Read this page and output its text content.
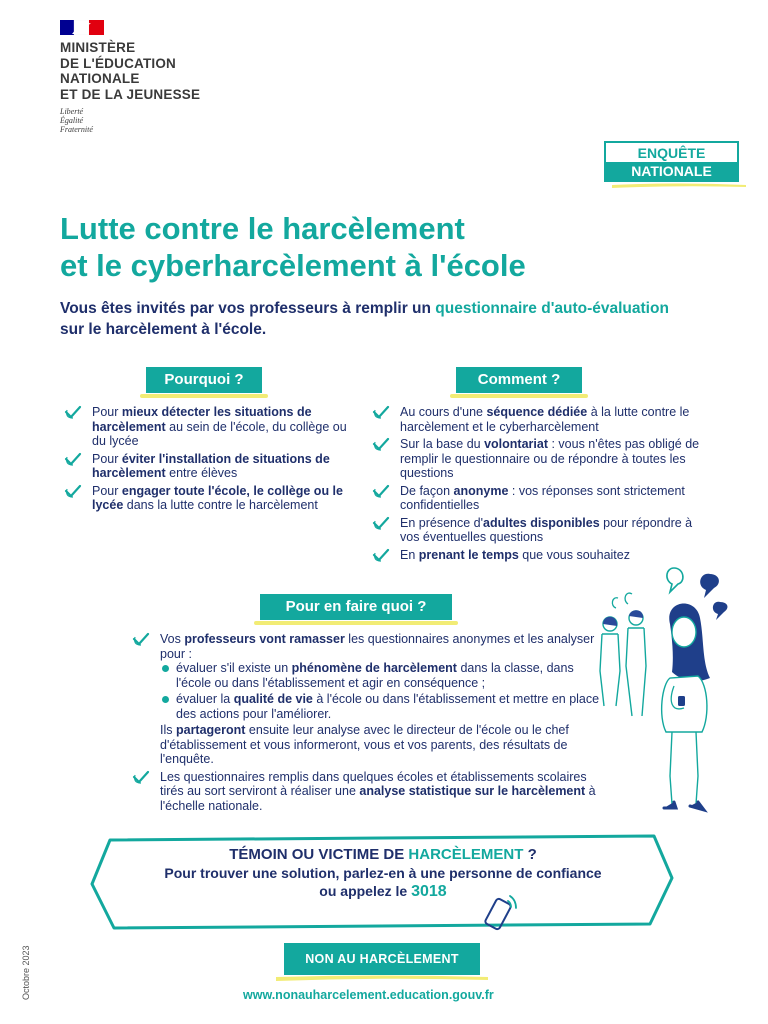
MINISTÈRE
DE L'ÉDUCATION
NATIONALE
ET DE LA JEUNESSE
Liberté
Égalité
Fraternité
ENQUÊTE
NATIONALE
Lutte contre le harcèlement
et le cyberharcèlement à l'école

Vous êtes invités par vos professeurs à remplir un questionnaire d'auto-évaluation
sur le harcèlement à l'école.

Pourquoi ?
Pour mieux détecter les situations de harcèlement au sein de l'école, du collège ou du lycée
Pour éviter l'installation de situations de harcèlement entre élèves
Pour engager toute l'école, le collège ou le lycée dans la lutte contre le harcèlement
Comment ?
Au cours d'une séquence dédiée à la lutte contre le harcèlement et le cyberharcèlement
Sur la base du volontariat : vous n'êtes pas obligé de remplir le questionnaire ou de répondre à toutes les questions
De façon anonyme : vos réponses sont strictement confidentielles
En présence d'adultes disponibles pour répondre à vos éventuelles questions
En prenant le temps que vous souhaitez
Pour en faire quoi ?
Vos professeurs vont ramasser les questionnaires anonymes et les analyser pour :
évaluer s'il existe un phénomène de harcèlement dans la classe, dans l'école ou dans l'établissement et agir en conséquence ;
évaluer la qualité de vie à l'école ou dans l'établissement et mettre en place des actions pour l'améliorer.
Ils partageront ensuite leur analyse avec le directeur de l'école ou le chef d'établissement et vous informeront, vous et vos parents, des résultats de l'enquête.
Les questionnaires remplis dans quelques écoles et établissements scolaires tirés au sort serviront à réaliser une analyse statistique sur le harcèlement à l'échelle nationale.
TÉMOIN OU VICTIME DE HARCÈLEMENT ?
Pour trouver une solution, parlez-en à une personne de confiance
ou appelez le 3018
Octobre 2023	NON AU HARCÈLEMENT
www.nonauharcelement.education.gouv.fr
